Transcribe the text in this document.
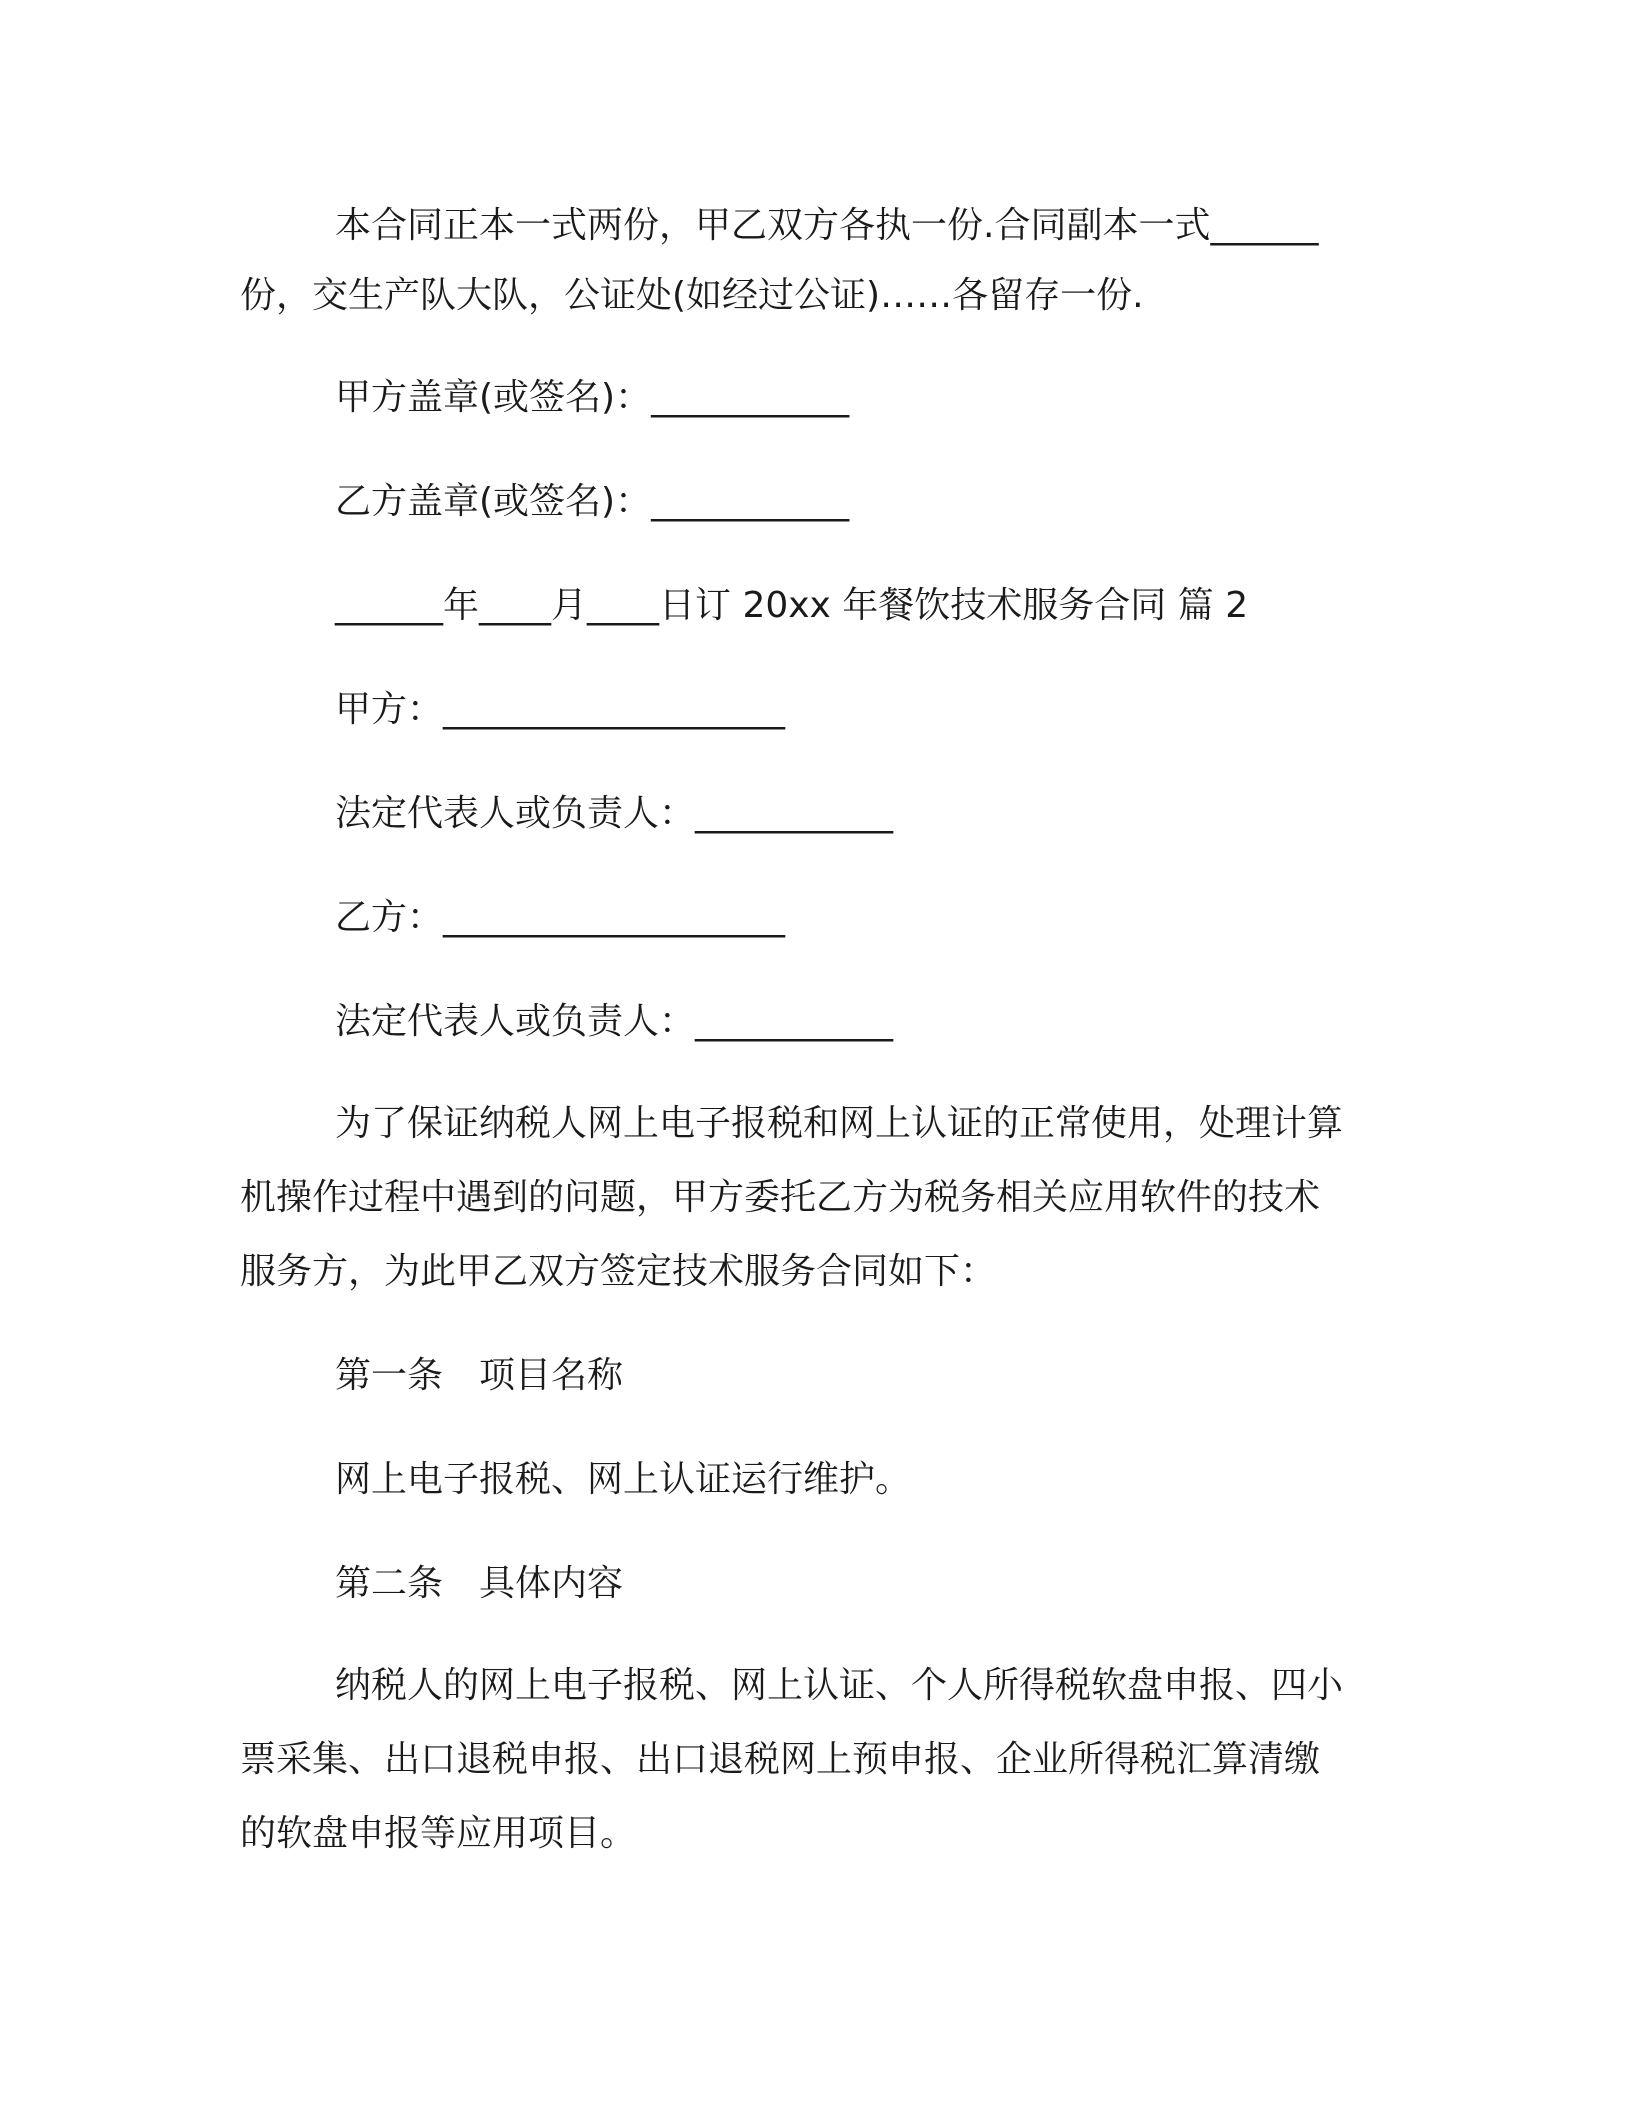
本合同正本一式两份，甲乙双方各执一份.合同副本一式______

份，交生产队大队，公证处(如经过公证)……各留存一份.

甲方盖章(或签名)：___________

乙方盖章(或签名)：___________

______年____月____日订 20xx 年餐饮技术服务合同 篇 2

甲方：___________________

法定代表人或负责人：___________

乙方：___________________

法定代表人或负责人：___________

为了保证纳税人网上电子报税和网上认证的正常使用，处理计算

机操作过程中遇到的问题，甲方委托乙方为税务相关应用软件的技术

服务方，为此甲乙双方签定技术服务合同如下：

第一条　项目名称

网上电子报税、网上认证运行维护。

第二条　具体内容

纳税人的网上电子报税、网上认证、个人所得税软盘申报、四小

票采集、出口退税申报、出口退税网上预申报、企业所得税汇算清缴

的软盘申报等应用项目。
